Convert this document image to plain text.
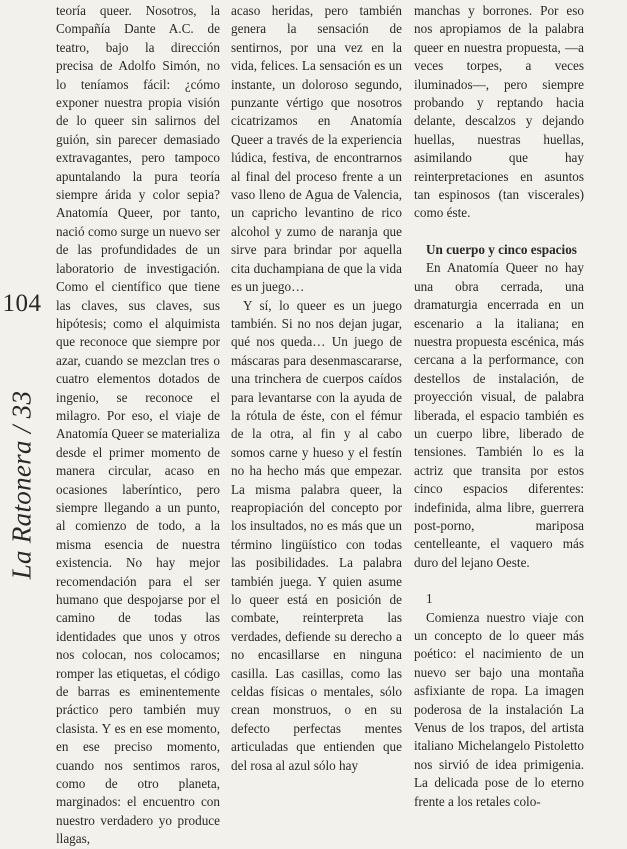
104
La Ratonera / 33

teoría queer. Nosotros, la Compañía Dante A.C. de teatro, bajo la dirección precisa de Adolfo Simón, no lo teníamos fácil: ¿cómo exponer nuestra propia visión de lo queer sin salirnos del guión, sin parecer demasiado extravagantes, pero tampoco apuntalando la pura teoría siempre árida y color sepia? Anatomía Queer, por tanto, nació como surge un nuevo ser de las profundidades de un laboratorio de investigación. Como el científico que tiene las claves, sus claves, sus hipótesis; como el alquimista que reconoce que siempre por azar, cuando se mezclan tres o cuatro elementos dotados de ingenio, se reconoce el milagro. Por eso, el viaje de Anatomía Queer se materializa desde el primer momento de manera circular, acaso en ocasiones laberíntico, pero siempre llegando a un punto, al comienzo de todo, a la misma esencia de nuestra existencia. No hay mejor recomendación para el ser humano que despojarse por el camino de todas las identidades que unos y otros nos colocan, nos colocamos; romper las etiquetas, el código de barras es eminentemente práctico pero también muy clasista. Y es en ese momento, en ese preciso momento, cuando nos sentimos raros, como de otro planeta, marginados: el encuentro con nuestro verdadero yo produce llagas,

acaso heridas, pero también genera la sensación de sentirnos, por una vez en la vida, felices. La sensación es un instante, un doloroso segundo, punzante vértigo que nosotros cicatrizamos en Anatomía Queer a través de la experiencia lúdica, festiva, de encontrarnos al final del proceso frente a un vaso lleno de Agua de Valencia, un capricho levantino de rico alcohol y zumo de naranja que sirve para brindar por aquella cita duchampiana de que la vida es un juego…

Y sí, lo queer es un juego también. Si no nos dejan jugar, qué nos queda… Un juego de máscaras para desenmascararse, una trinchera de cuerpos caídos para levantarse con la ayuda de la rótula de éste, con el fémur de la otra, al fin y al cabo somos carne y hueso y el festín no ha hecho más que empezar. La misma palabra queer, la reapropiación del concepto por los insultados, no es más que un término lingüístico con todas las posibilidades. La palabra también juega. Y quien asume lo queer está en posición de combate, reinterpreta las verdades, defiende su derecho a no encasillarse en ninguna casilla. Las casillas, como las celdas físicas o mentales, sólo crean monstruos, o en su defecto perfectas mentes articuladas que entienden que del rosa al azul sólo hay

manchas y borrones. Por eso nos apropiamos de la palabra queer en nuestra propuesta, —a veces torpes, a veces iluminados—, pero siempre probando y reptando hacia delante, descalzos y dejando huellas, nuestras huellas, asimilando que hay reinterpretaciones en asuntos tan espinosos (tan viscerales) como éste.

Un cuerpo y cinco espacios

En Anatomía Queer no hay una obra cerrada, una dramaturgia encerrada en un escenario a la italiana; en nuestra propuesta escénica, más cercana a la performance, con destellos de instalación, de proyección visual, de palabra liberada, el espacio también es un cuerpo libre, liberado de tensiones. También lo es la actriz que transita por estos cinco espacios diferentes: indefinida, alma libre, guerrera post-porno, mariposa centelleante, el vaquero más duro del lejano Oeste.

1

Comienza nuestro viaje con un concepto de lo queer más poético: el nacimiento de un nuevo ser bajo una montaña asfixiante de ropa. La imagen poderosa de la instalación La Venus de los trapos, del artista italiano Michelangelo Pistoletto nos sirvió de idea primigenia. La delicada pose de lo eterno frente a los retales colo-
